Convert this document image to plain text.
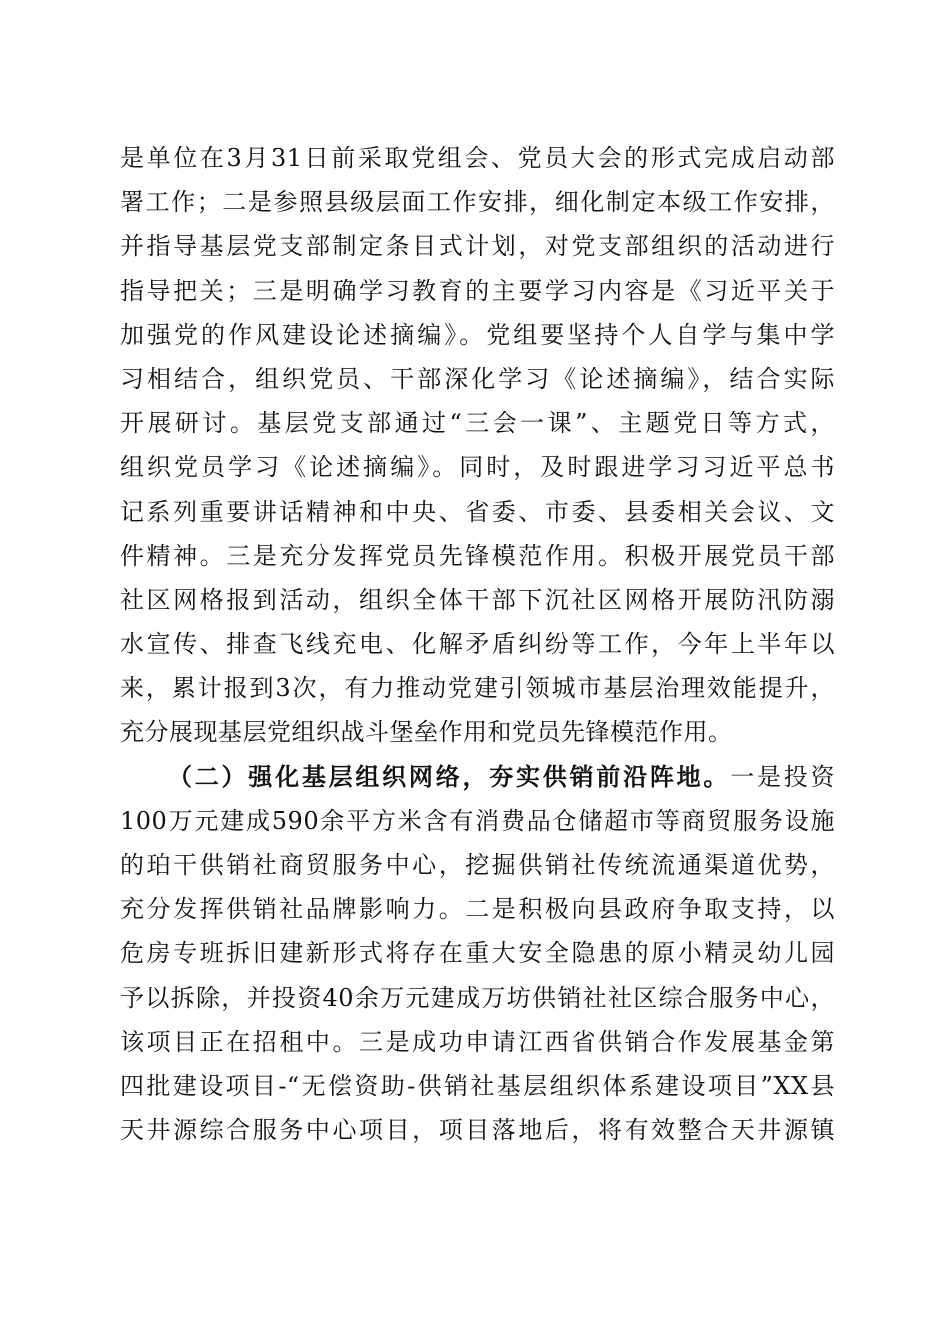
是单位在3月31日前采取党组会、党员大会的形式完成启动部
署工作；二是参照县级层面工作安排，细化制定本级工作安排，
并指导基层党支部制定条目式计划，对党支部组织的活动进行
指导把关；三是明确学习教育的主要学习内容是《习近平关于
加强党的作风建设论述摘编》。党组要坚持个人自学与集中学
习相结合，组织党员、干部深化学习《论述摘编》，结合实际
开展研讨。基层党支部通过“三会一课”、主题党日等方式，
组织党员学习《论述摘编》。同时，及时跟进学习习近平总书
记系列重要讲话精神和中央、省委、市委、县委相关会议、文
件精神。三是充分发挥党员先锋模范作用。积极开展党员干部
社区网格报到活动，组织全体干部下沉社区网格开展防汛防溺
水宣传、排查飞线充电、化解矛盾纠纷等工作，今年上半年以
来，累计报到3次，有力推动党建引领城市基层治理效能提升，
充分展现基层党组织战斗堡垒作用和党员先锋模范作用。
（二）强化基层组织网络，夯实供销前沿阵地。一是投资
100万元建成590余平方米含有消费品仓储超市等商贸服务设施
的珀干供销社商贸服务中心，挖掘供销社传统流通渠道优势，
充分发挥供销社品牌影响力。二是积极向县政府争取支持，以
危房专班拆旧建新形式将存在重大安全隐患的原小精灵幼儿园
予以拆除，并投资40余万元建成万坊供销社社区综合服务中心，
该项目正在招租中。三是成功申请江西省供销合作发展基金第
四批建设项目-“无偿资助-供销社基层组织体系建设项目”XX县
天井源综合服务中心项目，项目落地后，将有效整合天井源镇
